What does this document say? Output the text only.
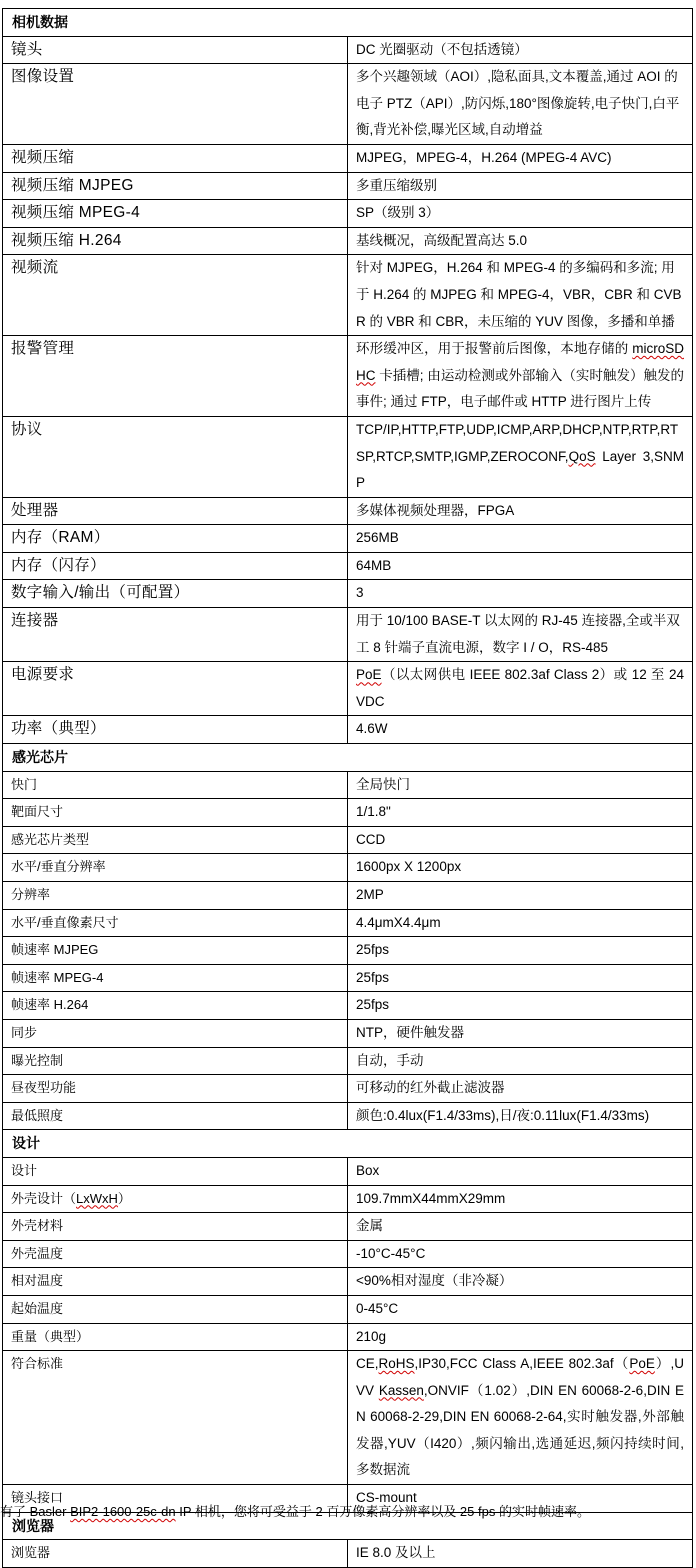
相机数据	
镜头	DC 光圈驱动（不包括透镜）
图像设置	多个兴趣领域（AOI）,隐私面具,文本覆盖,通过 AOI 的电子 PTZ（API）,防闪烁,180°图像旋转,电子快门,白平衡,背光补偿,曝光区域,自动增益
视频压缩	MJPEG，MPEG-4，H.264 (MPEG-4 AVC)
视频压缩 MJPEG	多重压缩级别
视频压缩 MPEG-4	SP（级别 3）
视频压缩 H.264	基线概况，高级配置高达 5.0
视频流	针对 MJPEG，H.264 和 MPEG-4 的多编码和多流; 用于 H.264 的 MJPEG 和 MPEG-4，VBR，CBR 和 CVBR 的 VBR 和 CBR，未压缩的 YUV 图像，多播和单播
报警管理	环形缓冲区，用于报警前后图像，本地存储的 microSDHC 卡插槽; 由运动检测或外部输入（实时触发）触发的事件; 通过 FTP，电子邮件或 HTTP 进行图片上传
协议	TCP/IP,HTTP,FTP,UDP,ICMP,ARP,DHCP,NTP,RTP,RTSP,RTCP,SMTP,IGMP,ZEROCONF,QoS Layer 3,SNMP
处理器	多媒体视频处理器，FPGA
内存（RAM）	256MB
内存（闪存）	64MB
数字输入/输出（可配置）	3
连接器	用于 10/100 BASE-T 以太网的 RJ-45 连接器,全或半双工 8 针端子直流电源，数字 I / O，RS-485
电源要求	PoE（以太网供电 IEEE 802.3af Class 2）或 12 至 24 VDC
功率（典型）	4.6W
感光芯片	
快门	全局快门
靶面尺寸	1/1.8"
感光芯片类型	CCD
水平/垂直分辨率	1600px X 1200px
分辨率	2MP
水平/垂直像素尺寸	4.4μmX4.4μm
帧速率 MJPEG	25fps
帧速率 MPEG-4	25fps
帧速率 H.264	25fps
同步	NTP，硬件触发器
曝光控制	自动，手动
昼夜型功能	可移动的红外截止滤波器
最低照度	颜色:0.4lux(F1.4/33ms),日/夜:0.11lux(F1.4/33ms)
设计	
设计	Box
外壳设计（LxWxH）	109.7mmX44mmX29mm
外壳材料	金属
外壳温度	-10°C-45°C
相对温度	<90%相对湿度（非冷凝）
起始温度	0-45°C
重量（典型）	210g
符合标准	CE,RoHS,IP30,FCC Class A,IEEE 802.3af（PoE）,UVV Kassen,ONVIF（1.02）,DIN EN 60068-2-6,DIN EN 60068-2-29,DIN EN 60068-2-64,实时触发器,外部触发器,YUV（I420）,频闪输出,选通延迟,频闪持续时间,多数据流
镜头接口	CS-mount
浏览器	
浏览器	IE 8.0 及以上
有了 Basler BIP2-1600-25c-dn IP 相机，您将可受益于 2 百万像素高分辨率以及 25 fps 的实时帧速率。
